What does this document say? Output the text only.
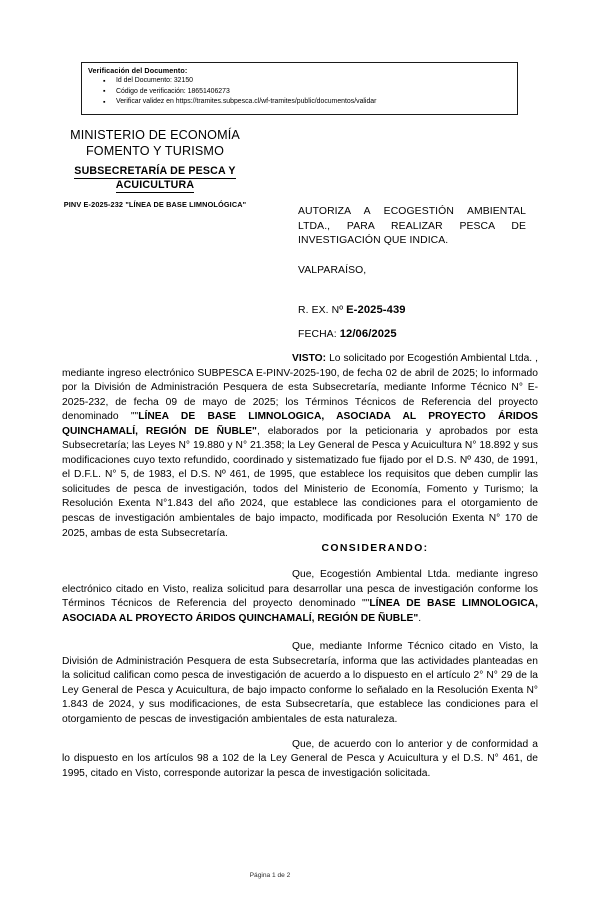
Verificación del Documento:
▪ Id del Documento: 32150
▪ Código de verificación: 18651406273
▪ Verificar validez en https://tramites.subpesca.cl/wf-tramites/public/documentos/validar
MINISTERIO DE ECONOMÍA
FOMENTO Y TURISMO
SUBSECRETARÍA DE PESCA Y
ACUICULTURA
PINV E-2025-232 "LÍNEA DE BASE LIMNOLÓGICA"
AUTORIZA A ECOGESTIÓN AMBIENTAL LTDA., PARA REALIZAR PESCA DE INVESTIGACIÓN QUE INDICA.
VALPARAÍSO,
R. EX. Nº E-2025-439
FECHA: 12/06/2025

VISTO: Lo solicitado por Ecogestión Ambiental Ltda. , mediante ingreso electrónico SUBPESCA E-PINV-2025-190, de fecha 02 de abril de 2025; lo informado por la División de Administración Pesquera de esta Subsecretaría, mediante Informe Técnico N° E-2025-232, de fecha 09 de mayo de 2025; los Términos Técnicos de Referencia del proyecto denominado ""LÍNEA DE BASE LIMNOLOGICA, ASOCIADA AL PROYECTO ÁRIDOS QUINCHAMALÍ, REGIÓN DE ÑUBLE", elaborados por la peticionaria y aprobados por esta Subsecretaría; las Leyes N° 19.880 y N° 21.358; la Ley General de Pesca y Acuicultura N° 18.892 y sus modificaciones cuyo texto refundido, coordinado y sistematizado fue fijado por el D.S. Nº 430, de 1991, el D.F.L. N° 5, de 1983, el D.S. Nº 461, de 1995, que establece los requisitos que deben cumplir las solicitudes de pesca de investigación, todos del Ministerio de Economía, Fomento y Turismo; la Resolución Exenta N°1.843 del año 2024, que establece las condiciones para el otorgamiento de pescas de investigación ambientales de bajo impacto, modificada por Resolución Exenta N° 170 de 2025, ambas de esta Subsecretaría.

CONSIDERANDO:

Que, Ecogestión Ambiental Ltda. mediante ingreso electrónico citado en Visto, realiza solicitud para desarrollar una pesca de investigación conforme los Términos Técnicos de Referencia del proyecto denominado ""LÍNEA DE BASE LIMNOLOGICA, ASOCIADA AL PROYECTO ÁRIDOS QUINCHAMALÍ, REGIÓN DE ÑUBLE".

Que, mediante Informe Técnico citado en Visto, la División de Administración Pesquera de esta Subsecretaría, informa que las actividades planteadas en la solicitud califican como pesca de investigación de acuerdo a lo dispuesto en el artículo 2° N° 29 de la Ley General de Pesca y Acuicultura, de bajo impacto conforme lo señalado en la Resolución Exenta N° 1.843 de 2024, y sus modificaciones, de esta Subsecretaría, que establece las condiciones para el otorgamiento de pescas de investigación ambientales de esta naturaleza.

Que, de acuerdo con lo anterior y de conformidad a lo dispuesto en los artículos 98 a 102 de la Ley General de Pesca y Acuicultura y el D.S. N° 461, de 1995, citado en Visto, corresponde autorizar la pesca de investigación solicitada.

Página 1 de 2
